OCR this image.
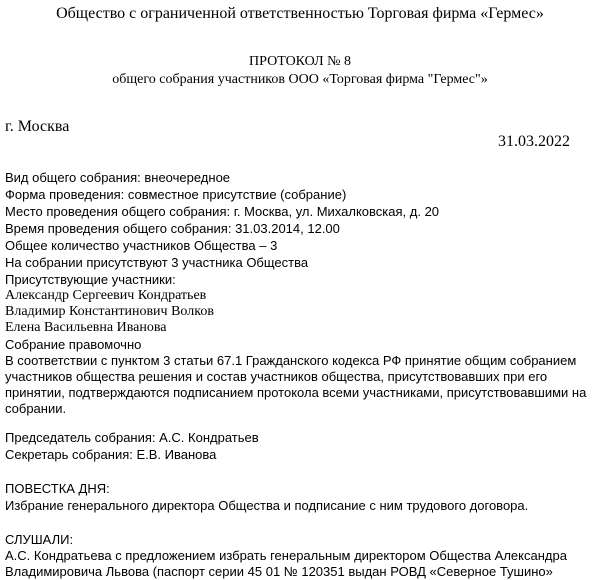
Общество с ограниченной ответственностью Торговая фирма «Гермес»
ПРОТОКОЛ № 8
общего собрания участников ООО «Торговая фирма "Гермес"»
г. Москва
31.03.2022
Вид общего собрания: внеочередное
Форма проведения: совместное присутствие (собрание)
Место проведения общего собрания: г. Москва, ул. Михалковская, д. 20
Время проведения общего собрания: 31.03.2014, 12.00
Общее количество участников Общества – 3
На собрании присутствуют 3 участника Общества
Присутствующие участники:
Александр Сергеевич Кондратьев
Владимир Константинович Волков
Елена Васильевна Иванова
Собрание правомочно
В соответствии с пунктом 3 статьи 67.1 Гражданского кодекса РФ принятие общим собранием участников общества решения и состав участников общества, присутствовавших при его принятии, подтверждаются подписанием протокола всеми участниками, присутствовавшими на собрании.
Председатель собрания: А.С. Кондратьев
Секретарь собрания: Е.В. Иванова
ПОВЕСТКА ДНЯ:
Избрание генерального директора Общества и подписание с ним трудового договора.
СЛУШАЛИ:
А.С. Кондратьева с предложением избрать генеральным директором Общества Александра Владимировича Львова (паспорт серии 45 01 № 120351 выдан РОВД «Северное Тушино»
